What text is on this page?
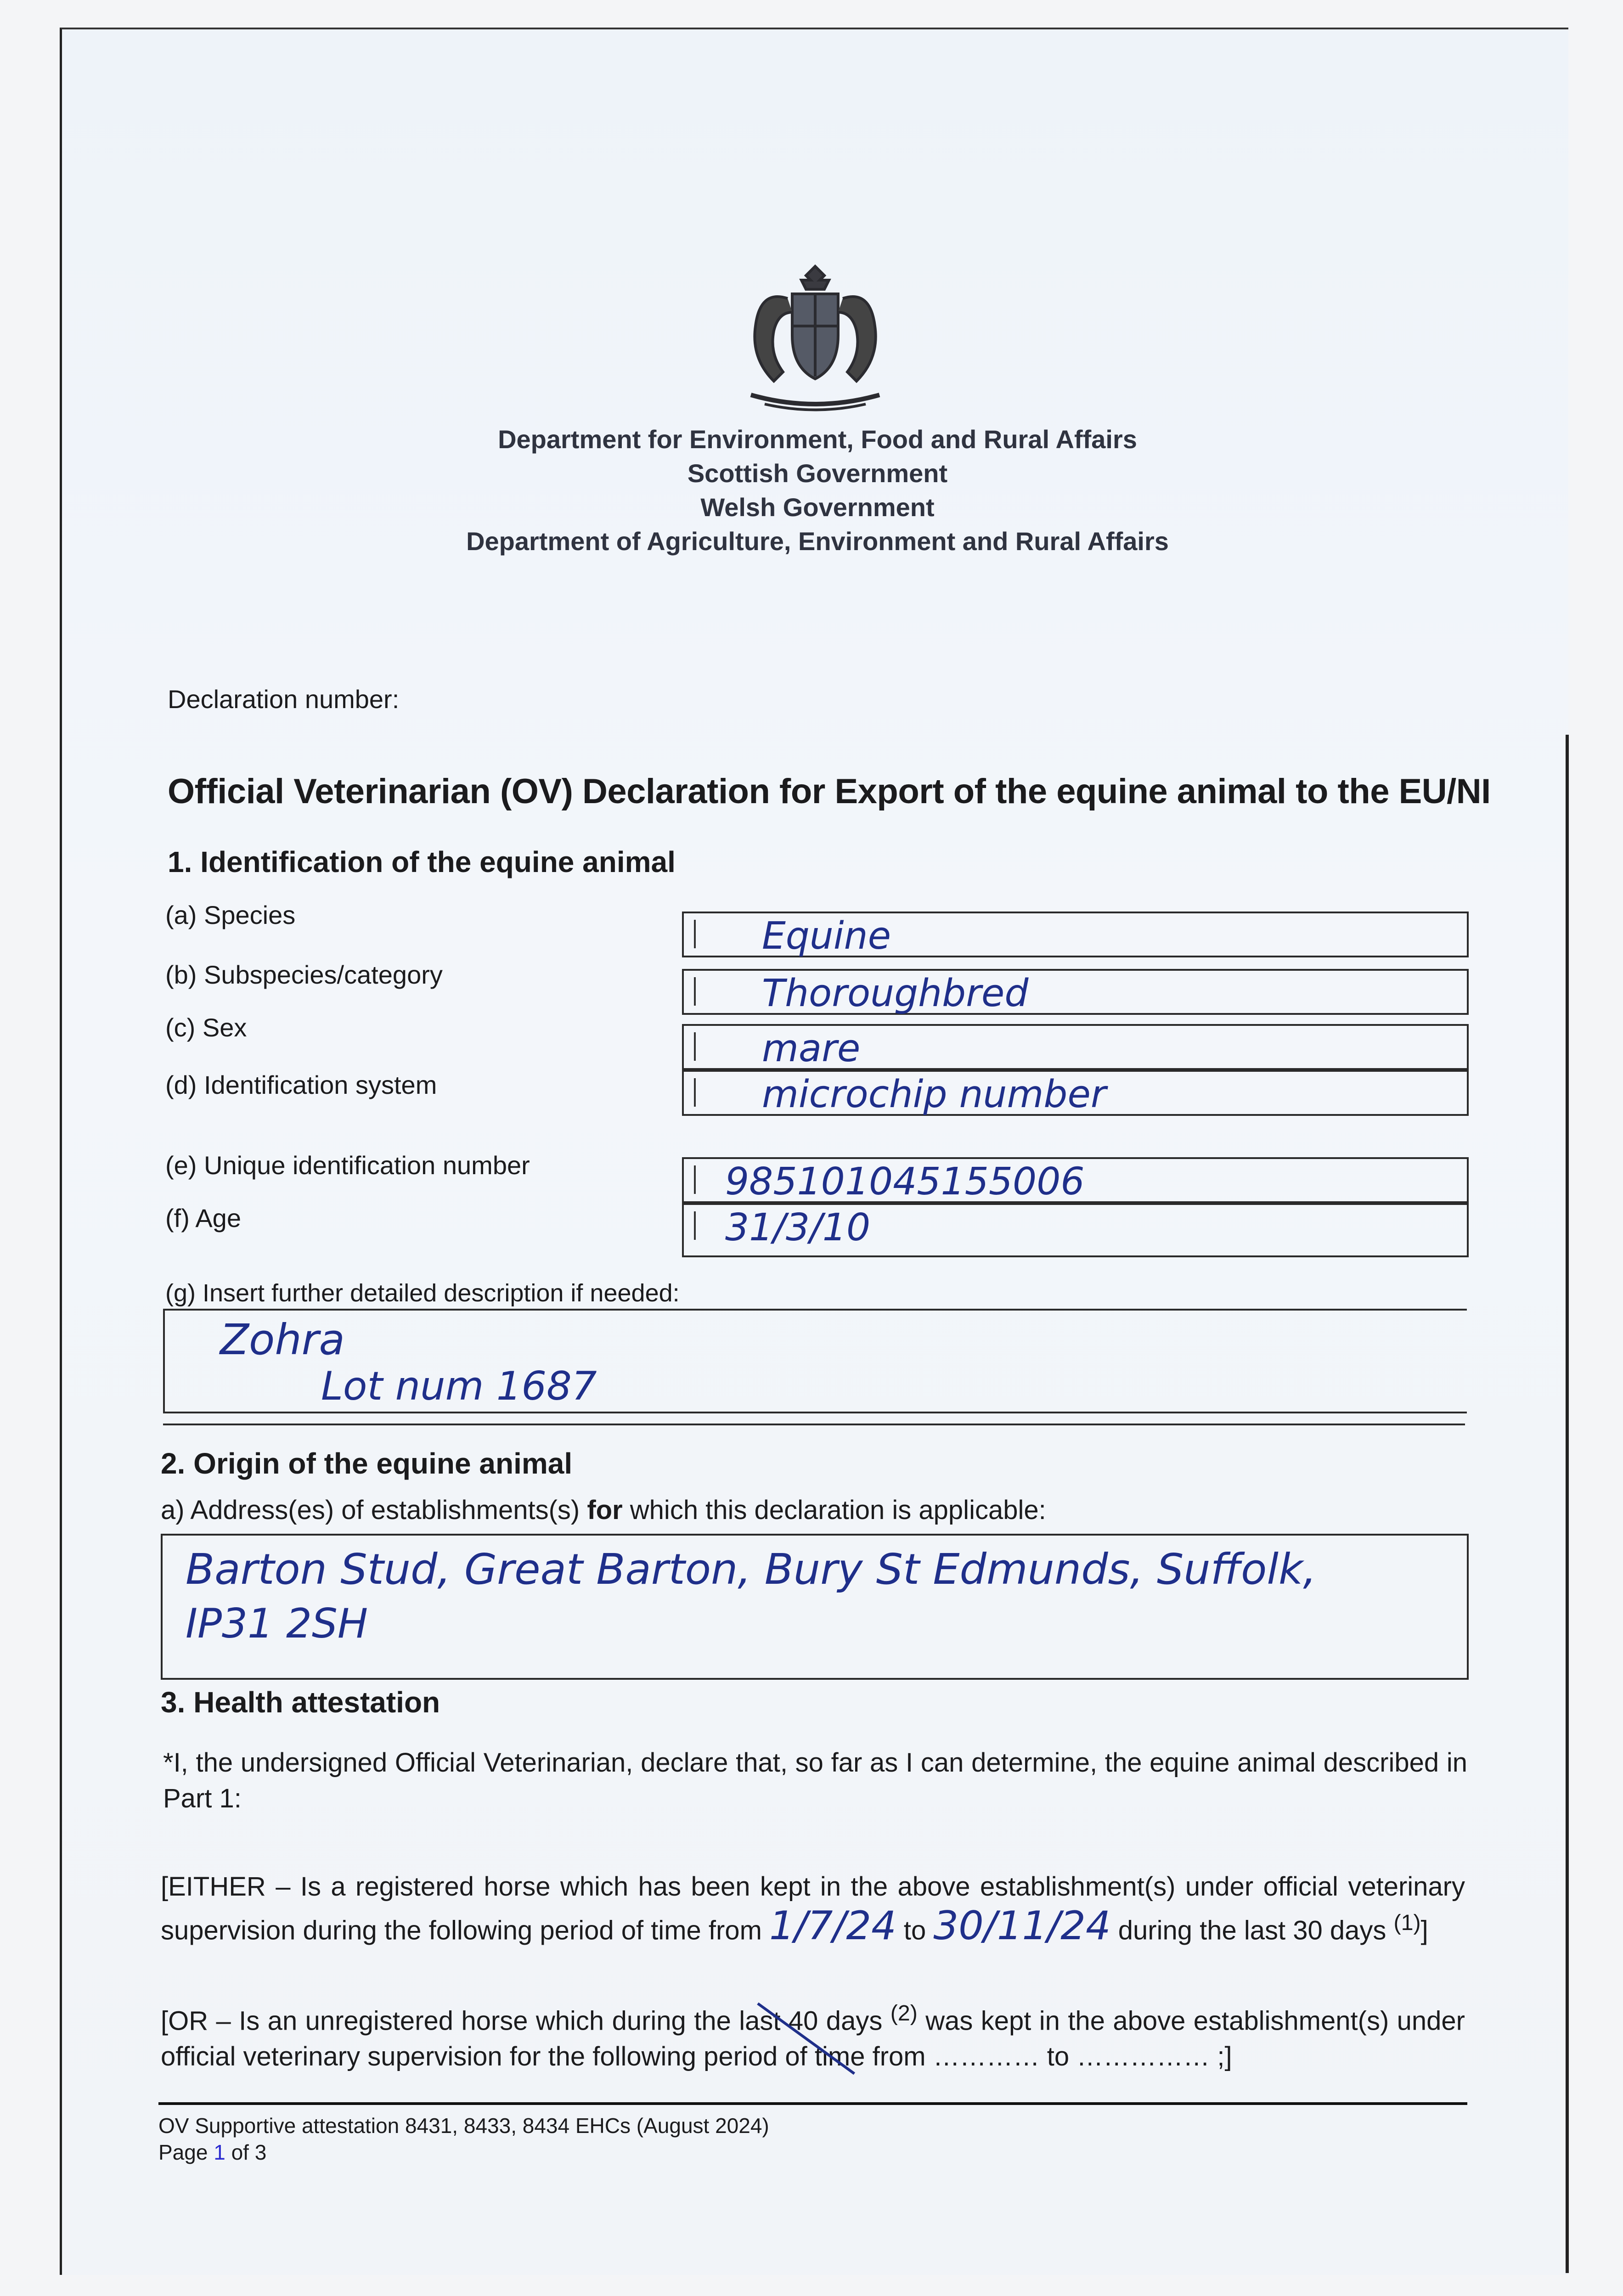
Department for Environment, Food and Rural Affairs
Scottish Government
Welsh Government
Department of Agriculture, Environment and Rural Affairs
Declaration number:
Official Veterinarian (OV) Declaration for Export of the equine animal to the EU/NI
1. Identification of the equine animal
(a) Species	Equine
(b) Subspecies/category	Thoroughbred
(c) Sex	mare
(d) Identification system	microchip number
(e) Unique identification number	985101045155006
(f) Age	31/3/10
(g) Insert further detailed description if needed:
Zohra
Lot num 1687
2. Origin of the equine animal
a) Address(es) of establishments(s) for which this declaration is applicable:
Barton Stud, Great Barton, Bury St Edmunds, Suffolk,
IP31 2SH
3. Health attestation
*I, the undersigned Official Veterinarian, declare that, so far as I can determine, the equine animal described in Part 1:
[EITHER – Is a registered horse which has been kept in the above establishment(s) under official veterinary supervision during the following period of time from 1/7/24 to 30/11/24 during the last 30 days $^{(1)}$]
[OR – Is an unregistered horse which during the last 40 days $^{(2)}$ was kept in the above establishment(s) under official veterinary supervision for the following period of time from ………… to …………… ;]
OV Supportive attestation 8431, 8433, 8434 EHCs (August 2024)
Page 1 of 3
